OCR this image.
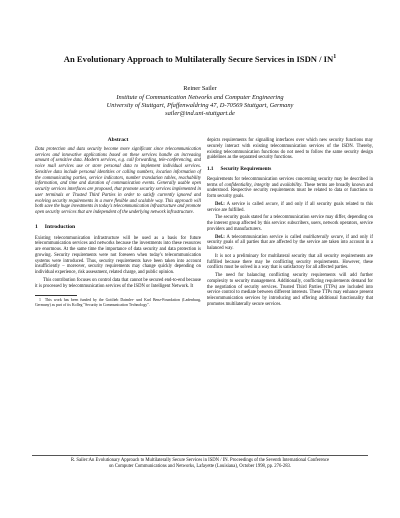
An Evolutionary Approach to Multilaterally Secure Services in ISDN / $IN^1$
Reiner Sailer
Institute of Communication Networks and Computer Engineering
University of Stuttgart, Pfaffenwaldring 47, D-70569 Stuttgart, Germany
sailer@ind.uni-stuttgart.de
Abstract

Data protection and data security become more significant since telecommunication services and innovative applications based on these services handle an increasing amount of sensitive data. Modern services, e.g. call forwarding, tele-conferencing, and voice mail services use or store personal data to implement individual services. Sensitive data include personal identities or calling numbers, location information of the communicating parties, service indicators, number translation tables, reachability information, and time and duration of communication events. Generally usable open security services interfaces are proposed, that promote security services implemented in user terminals or Trusted Third Parties in order to satisfy currently ignored and evolving security requirements in a more flexible and scalable way. This approach will both save the huge investments in today's telecommunication infrastructure and promote open security services that are independent of the underlying network infrastructure.

1 Introduction

Existing telecommunication infrastructure will be used as a basis for future telecommunication services and networks because the investments into these resources are enormous. At the same time the importance of data security and data protection is growing. Security requirements were not foreseen when today's telecommunication systems were introduced. Thus, security requirements have been taken into account insufficiently – moreover, security requirements may change quickly depending on individual experience, risk assessment, related charge, and public opinion.

This contribution focuses on control data that cannot be secured end-to-end because it is processed by telecommunication services of the ISDN or Intelligent Network. It

1 This work has been funded by the Gottlieb Daimler- und Karl Benz-Foundation (Ladenburg, Germany) as part of its Kolleg "Security in Communication Technology".

depicts requirements for signalling interfaces over which new security functions may securely interact with existing telecommunication services of the ISDN. Thereby, existing telecommunication functions do not need to follow the same security design guidelines as the separated security functions.

1.1 Security Requirements

Requirements for telecommunication services concerning security may be described in terms of confidentiality, integrity and availability. These terms are broadly known and understood. Respective security requirements must be related to data or functions to form security goals.

Def.: A service is called secure, if and only if all security goals related to this service are fulfilled.

The security goals stated for a telecommunication service may differ, depending on the interest group affected by this service: subscribers, users, network operators, service providers and manufacturers.

Def.: A telecommunication service is called multilaterally secure, if and only if security goals of all parties that are affected by the service are taken into account in a balanced way.

It is not a preliminary for multilateral security that all security requirements are fulfilled because there may be conflicting security requirements. However, these conflicts must be solved in a way that is satisfactory for all affected parties.

The need for balancing conflicting security requirements will add further complexity to security management. Additionally, conflicting requirements demand for the negotiation of security services. Trusted Third Parties (TTPs) are included into service control to mediate between different interests. These TTPs may enhance present telecommunication services by introducing and offering additional functionality that promotes multilaterally secure services.

R. Sailer:An Evolutionary Approach to Multilaterally Secure Services in ISDN / IN. Proceedings of the Seventh International Conference
on Computer Communications and Networks, Lafayette (Louisiana), October 1998, pp. 276-283.
